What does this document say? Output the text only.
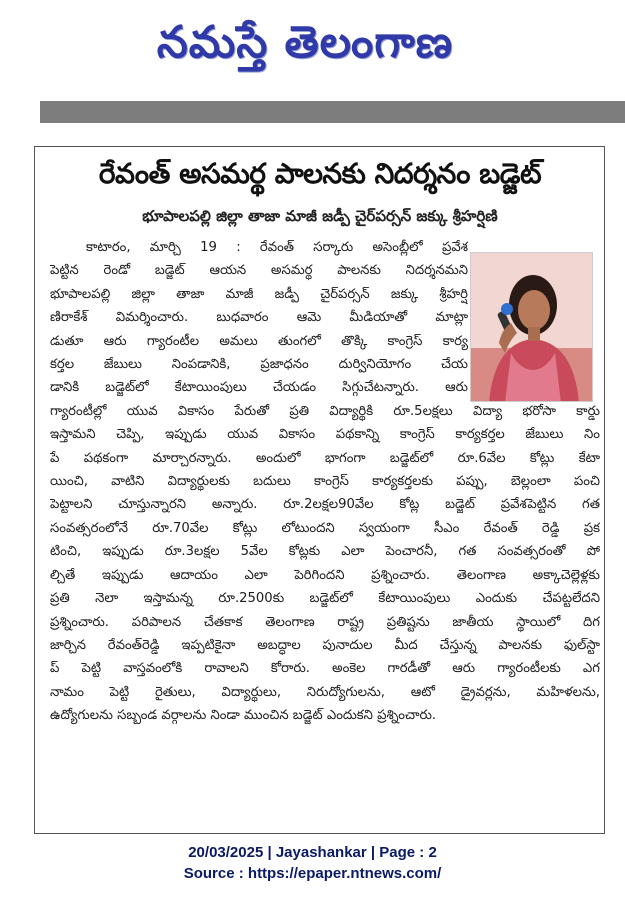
నమస్తే తెలంగాణ
రేవంత్ అసమర్థ పాలనకు నిదర్శనం బడ్జెట్
భూపాలపల్లి జిల్లా తాజా మాజీ జడ్పీ చైర్‌పర్సన్ జక్కు శ్రీహర్షిణి
కాటారం, మార్చి 19 : రేవంత్ సర్కారు అసెంబ్లీలో ప్రవేశ
పెట్టిన రెండో బడ్జెట్ ఆయన అసమర్థ పాలనకు నిదర్శనమని
భూపాలపల్లి జిల్లా తాజా మాజీ జడ్పీ చైర్‌పర్సన్ జక్కు శ్రీహర్షి
ణిరాకేశ్ విమర్శించారు. బుధవారం ఆమె మీడియాతో మాట్లా
డుతూ ఆరు గ్యారంటీల అమలు తుంగలో తొక్కి కాంగ్రెస్ కార్య
కర్తల జేబులు నింపడానికి, ప్రజాధనం దుర్వినియోగం చేయ
డానికి బడ్జెట్‌లో కేటాయింపులు చేయడం సిగ్గుచేటన్నారు. ఆరు
గ్యారంటీల్లో యువ వికాసం పేరుతో ప్రతి విద్యార్థికి రూ.5లక్షలు విద్యా భరోసా కార్డు
ఇస్తామని చెప్పి, ఇప్పుడు యువ వికాసం పథకాన్ని కాంగ్రెస్ కార్యకర్తల జేబులు నిం
పే పథకంగా మార్చారన్నారు. అందులో భాగంగా బడ్జెట్‌లో రూ.6వేల కోట్లు కేటా
యించి, వాటిని విద్యార్థులకు బదులు కాంగ్రెస్ కార్యకర్తలకు పప్పు, బెల్లంలా పంచి
పెట్టాలని చూస్తున్నారని అన్నారు. రూ.2లక్షల90వేల కోట్ల బడ్జెట్ ప్రవేశపెట్టిన గత
సంవత్సరంలోనే రూ.70వేల కోట్లు లోటుందని స్వయంగా సీఎం రేవంత్ రెడ్డి ప్రక
టించి, ఇప్పుడు రూ.3లక్షల 5వేల కోట్లకు ఎలా పెంచారనీ, గత సంవత్సరంతో పో
ల్చితే ఇప్పుడు ఆదాయం ఎలా పెరిగిందని ప్రశ్నించారు. తెలంగాణ అక్కాచెల్లెళ్లకు
ప్రతి నెలా ఇస్తామన్న రూ.2500కు బడ్జెట్‌లో కేటాయింపులు ఎందుకు చేపట్టలేదని
ప్రశ్నించారు. పరిపాలన చేతకాక తెలంగాణ రాష్ట్ర ప్రతిష్టను జాతీయ స్థాయిలో దిగ
జార్చిన రేవంత్‌రెడ్డి ఇప్పటికైనా అబద్ధాల పునాదుల మీద చేస్తున్న పాలనకు ఫుల్‌స్టా
ప్ పెట్టి వాస్తవంలోకి రావాలని కోరారు. అంకెల గారడీతో ఆరు గ్యారంటీలకు ఎగ
నామం పెట్టి రైతులు, విద్యార్థులు, నిరుద్యోగులను, ఆటో డ్రైవర్లను, మహిళలను,
ఉద్యోగులను సబ్బండ వర్గాలను నిండా ముంచిన బడ్జెట్ ఎందుకని ప్రశ్నించారు.
20/03/2025 | Jayashankar | Page : 2
Source : https://epaper.ntnews.com/
